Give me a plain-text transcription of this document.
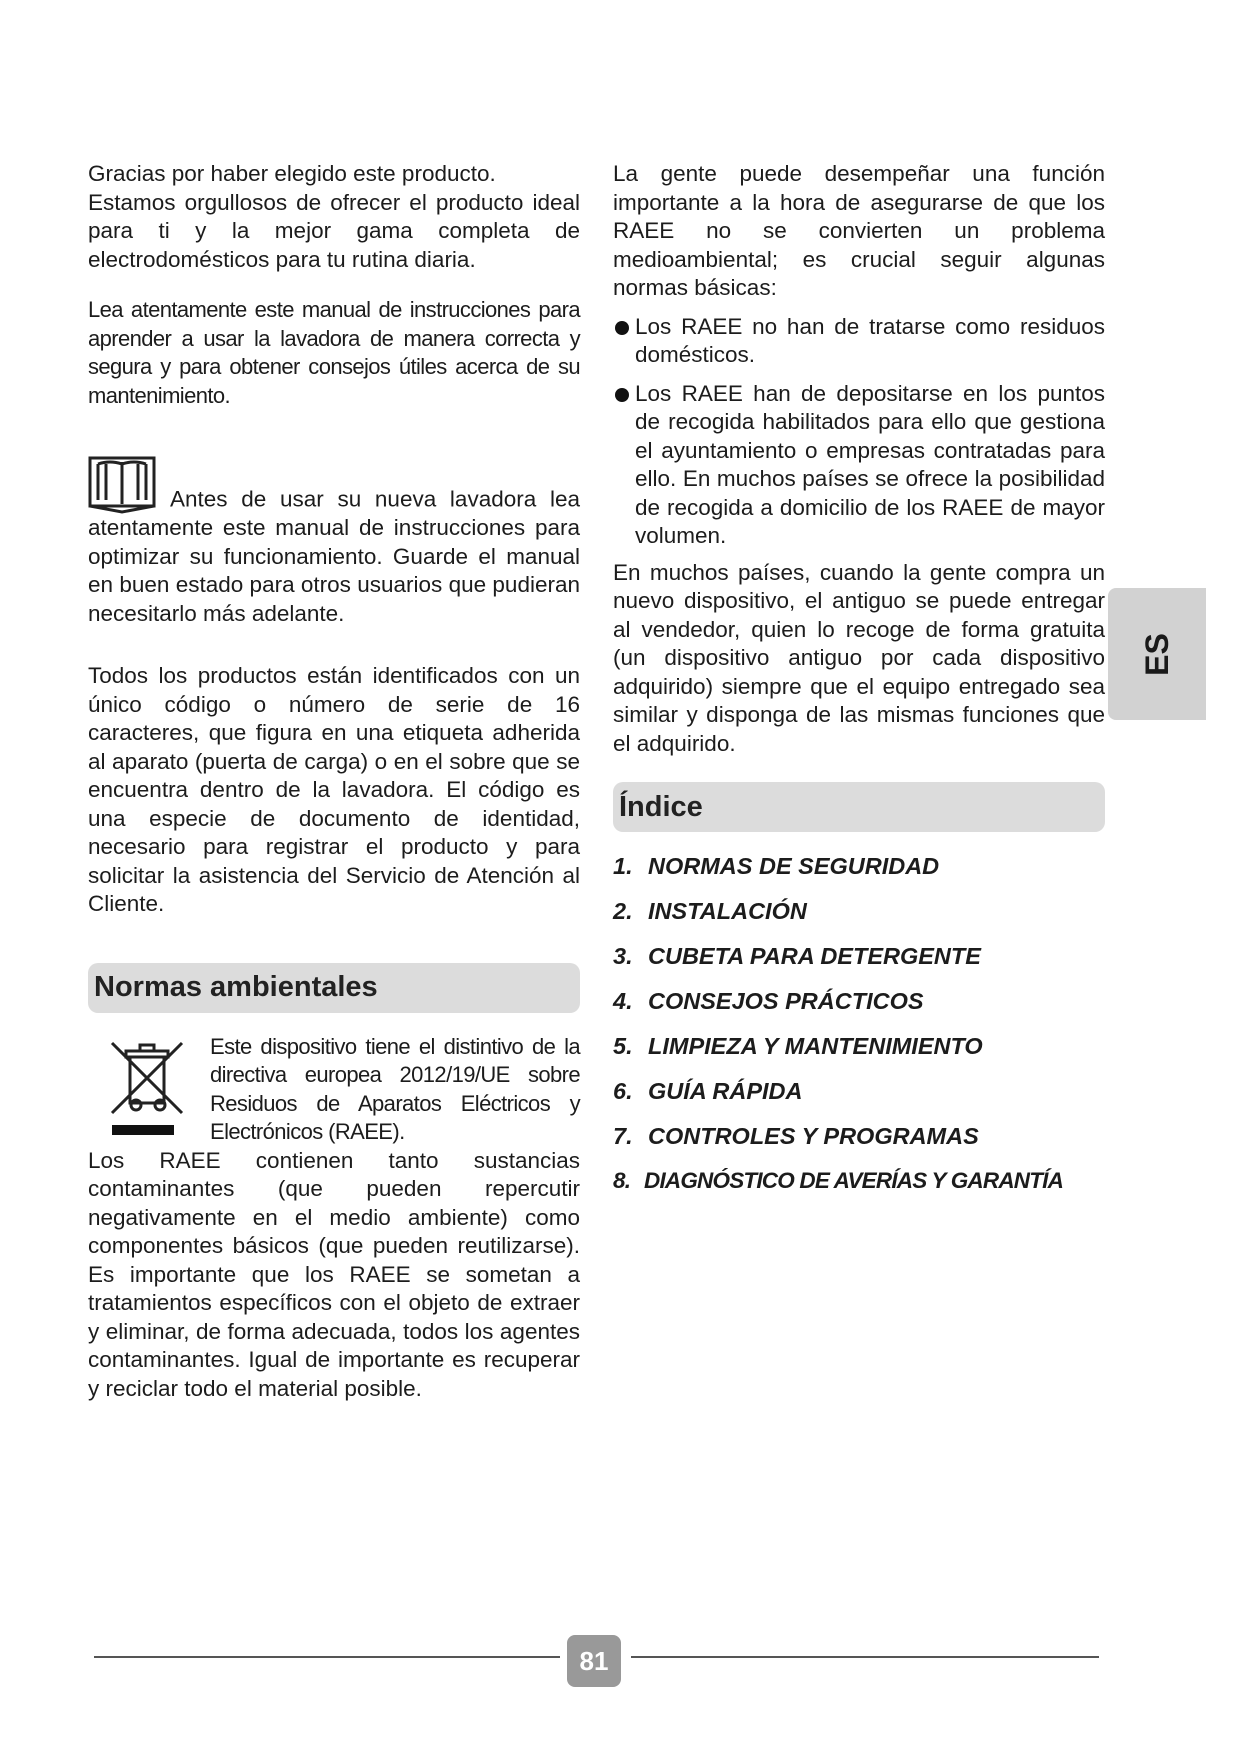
Gracias por haber elegido este producto.

Estamos orgullosos de ofrecer el producto ideal para ti y la mejor gama completa de electrodomésticos para tu rutina diaria.

Lea atentamente este manual de instrucciones para aprender a usar la lavadora de manera correcta y segura y para obtener consejos útiles acerca de su mantenimiento.

Antes de usar su nueva lavadora lea atentamente este manual de instrucciones para optimizar su funcionamiento. Guarde el manual en buen estado para otros usuarios que pudieran necesitarlo más adelante.

Todos los productos están identificados con un único código o número de serie de 16 caracteres, que figura en una etiqueta adherida al aparato (puerta de carga) o en el sobre que se encuentra dentro de la lavadora. El código es una especie de documento de identidad, necesario para registrar el producto y para solicitar la asistencia del Servicio de Atención al Cliente.

Normas ambientales

Este dispositivo tiene el distintivo de la directiva europea 2012/19/UE sobre Residuos de Aparatos Eléctricos y Electrónicos (RAEE).

Los RAEE contienen tanto sustancias contaminantes (que pueden repercutir negativamente en el medio ambiente) como componentes básicos (que pueden reutilizarse). Es importante que los RAEE se sometan a tratamientos específicos con el objeto de extraer y eliminar, de forma adecuada, todos los agentes contaminantes. Igual de importante es recuperar y reciclar todo el material posible.

La gente puede desempeñar una función importante a la hora de asegurarse de que los RAEE no se convierten un problema medioambiental; es crucial seguir algunas normas básicas:

Los RAEE no han de tratarse como residuos domésticos.
Los RAEE han de depositarse en los puntos de recogida habilitados para ello que gestiona el ayuntamiento o empresas contratadas para ello. En muchos países se ofrece la posibilidad de recogida a domicilio de los RAEE de mayor volumen.

En muchos países, cuando la gente compra un nuevo dispositivo, el antiguo se puede entregar al vendedor, quien lo recoge de forma gratuita (un dispositivo antiguo por cada dispositivo adquirido) siempre que el equipo entregado sea similar y disponga de las mismas funciones que el adquirido.

Índice
1. NORMAS DE SEGURIDAD
2. INSTALACIÓN
3. CUBETA PARA DETERGENTE
4. CONSEJOS PRÁCTICOS
5. LIMPIEZA Y MANTENIMIENTO
6. GUÍA RÁPIDA
7. CONTROLES Y PROGRAMAS
8. DIAGNÓSTICO DE AVERÍAS Y GARANTÍA
ES
81
